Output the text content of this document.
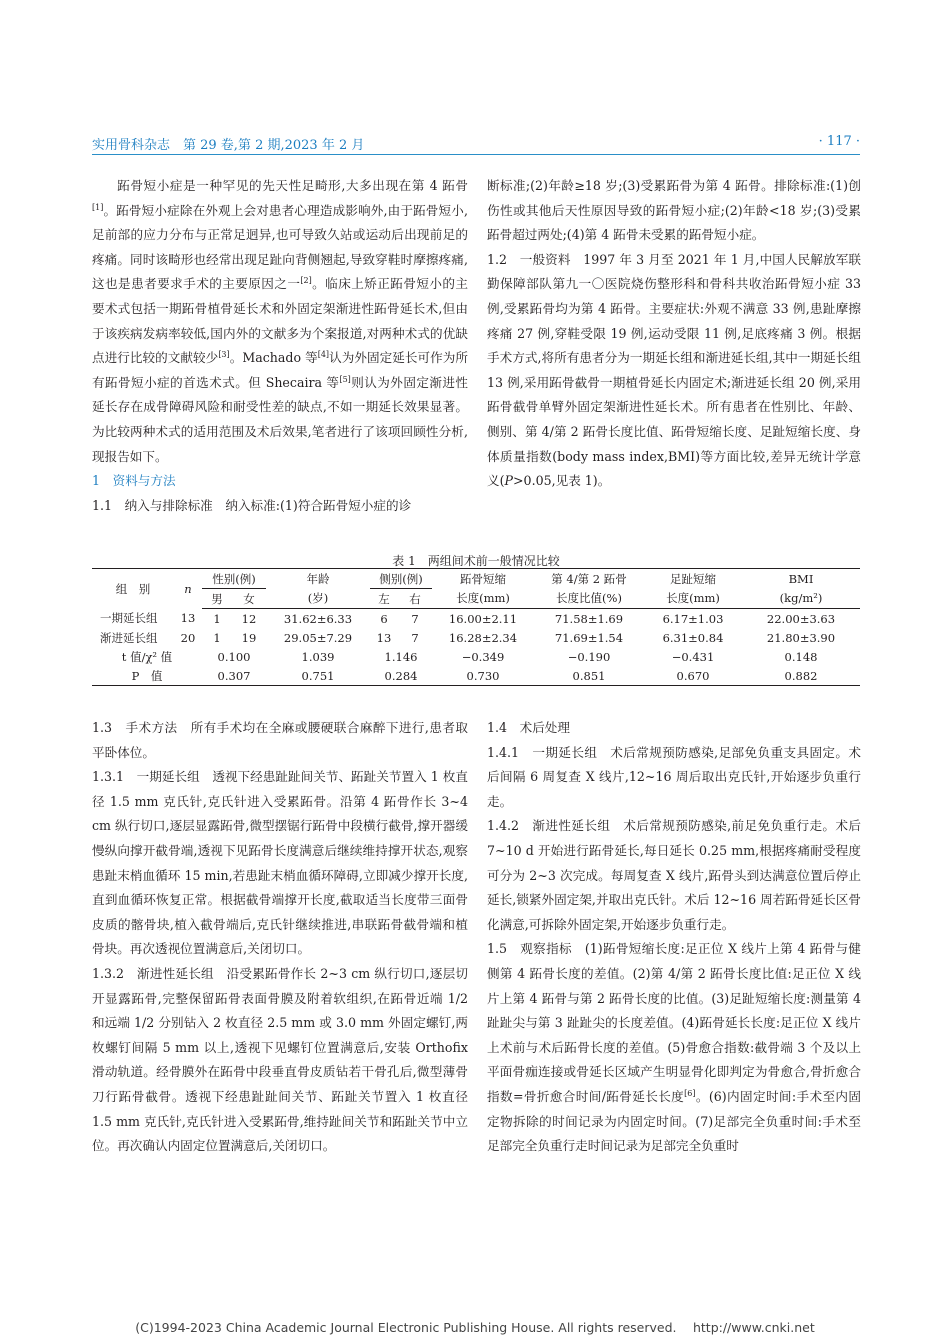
实用骨科杂志　第 29 卷,第 2 期,2023 年 2 月	· 117 ·

跖骨短小症是一种罕见的先天性足畸形,大多出现在第 4 跖骨[1]。跖骨短小症除在外观上会对患者心理造成影响外,由于跖骨短小,足前部的应力分布与正常足迥异,也可导致久站或运动后出现前足的疼痛。同时该畸形也经常出现足趾向背侧翘起,导致穿鞋时摩擦疼痛,这也是患者要求手术的主要原因之一[2]。临床上矫正跖骨短小的主要术式包括一期跖骨植骨延长术和外固定架渐进性跖骨延长术,但由于该疾病发病率较低,国内外的文献多为个案报道,对两种术式的优缺点进行比较的文献较少[3]。Machado 等[4]认为外固定延长可作为所有跖骨短小症的首选术式。但 Shecaira 等[5]则认为外固定渐进性延长存在成骨障碍风险和耐受性差的缺点,不如一期延长效果显著。为比较两种术式的适用范围及术后效果,笔者进行了该项回顾性分析,现报告如下。

1　资料与方法

1.1　纳入与排除标准　纳入标准:(1)符合跖骨短小症的诊

断标准;(2)年龄≥18 岁;(3)受累跖骨为第 4 跖骨。排除标准:(1)创伤性或其他后天性原因导致的跖骨短小症;(2)年龄<18 岁;(3)受累跖骨超过两处;(4)第 4 跖骨未受累的跖骨短小症。

1.2　一般资料　1997 年 3 月至 2021 年 1 月,中国人民解放军联勤保障部队第九一〇医院烧伤整形科和骨科共收治跖骨短小症 33 例,受累跖骨均为第 4 跖骨。主要症状:外观不满意 33 例,患趾摩擦疼痛 27 例,穿鞋受限 19 例,运动受限 11 例,足底疼痛 3 例。根据手术方式,将所有患者分为一期延长组和渐进延长组,其中一期延长组 13 例,采用跖骨截骨一期植骨延长内固定术;渐进延长组 20 例,采用跖骨截骨单臂外固定架渐进性延长术。所有患者在性别比、年龄、侧别、第 4/第 2 跖骨长度比值、跖骨短缩长度、足趾短缩长度、身体质量指数(body mass index,BMI)等方面比较,差异无统计学意义(P>0.05,见表 1)。

表 1　两组间术前一般情况比较
组　别	n	性别(例)		年龄	侧别(例)		跖骨短缩	第 4/第 2 跖骨	足趾短缩	BMI
		男	女	(岁)	左	右	长度(mm)	长度比值(%)	长度(mm)	(kg/m²)
一期延长组	13	1	12	31.62±6.33	6	7	16.00±2.11	71.58±1.69	6.17±1.03	22.00±3.63
渐进延长组	20	1	19	29.05±7.29	13	7	16.28±2.34	71.69±1.54	6.31±0.84	21.80±3.90
t 值/χ² 值		0.100		1.039	1.146		−0.349	−0.190	−0.431	0.148
P　值		0.307		0.751	0.284		0.730	0.851	0.670	0.882

1.3　手术方法　所有手术均在全麻或腰硬联合麻醉下进行,患者取平卧体位。

1.3.1　一期延长组　透视下经患趾趾间关节、跖趾关节置入 1 枚直径 1.5 mm 克氏针,克氏针进入受累跖骨。沿第 4 跖骨作长 3~4 cm 纵行切口,逐层显露跖骨,微型摆锯行跖骨中段横行截骨,撑开器缓慢纵向撑开截骨端,透视下见跖骨长度满意后继续维持撑开状态,观察患趾末梢血循环 15 min,若患趾末梢血循环障碍,立即减少撑开长度,直到血循环恢复正常。根据截骨端撑开长度,截取适当长度带三面骨皮质的髂骨块,植入截骨端后,克氏针继续推进,串联跖骨截骨端和植骨块。再次透视位置满意后,关闭切口。

1.3.2　渐进性延长组　沿受累跖骨作长 2~3 cm 纵行切口,逐层切开显露跖骨,完整保留跖骨表面骨膜及附着软组织,在跖骨近端 1/2 和远端 1/2 分别钻入 2 枚直径 2.5 mm 或 3.0 mm 外固定螺钉,两枚螺钉间隔 5 mm 以上,透视下见螺钉位置满意后,安装 Orthofix 滑动轨道。经骨膜外在跖骨中段垂直骨皮质钻若干骨孔后,微型薄骨刀行跖骨截骨。透视下经患趾趾间关节、跖趾关节置入 1 枚直径 1.5 mm 克氏针,克氏针进入受累跖骨,维持趾间关节和跖趾关节中立位。再次确认内固定位置满意后,关闭切口。

1.4　术后处理

1.4.1　一期延长组　术后常规预防感染,足部免负重支具固定。术后间隔 6 周复查 X 线片,12~16 周后取出克氏针,开始逐步负重行走。

1.4.2　渐进性延长组　术后常规预防感染,前足免负重行走。术后 7~10 d 开始进行跖骨延长,每日延长 0.25 mm,根据疼痛耐受程度可分为 2~3 次完成。每周复查 X 线片,跖骨头到达满意位置后停止延长,锁紧外固定架,并取出克氏针。术后 12~16 周若跖骨延长区骨化满意,可拆除外固定架,开始逐步负重行走。

1.5　观察指标　(1)跖骨短缩长度:足正位 X 线片上第 4 跖骨与健侧第 4 跖骨长度的差值。(2)第 4/第 2 跖骨长度比值:足正位 X 线片上第 4 跖骨与第 2 跖骨长度的比值。(3)足趾短缩长度:测量第 4 趾趾尖与第 3 趾趾尖的长度差值。(4)跖骨延长长度:足正位 X 线片上术前与术后跖骨长度的差值。(5)骨愈合指数:截骨端 3 个及以上平面骨痂连接或骨延长区域产生明显骨化即判定为骨愈合,骨折愈合指数=骨折愈合时间/跖骨延长长度[6]。(6)内固定时间:手术至内固定物拆除的时间记录为内固定时间。(7)足部完全负重时间:手术至足部完全负重行走时间记录为足部完全负重时

(C)1994-2023 China Academic Journal Electronic Publishing House. All rights reserved.　 http://www.cnki.net
